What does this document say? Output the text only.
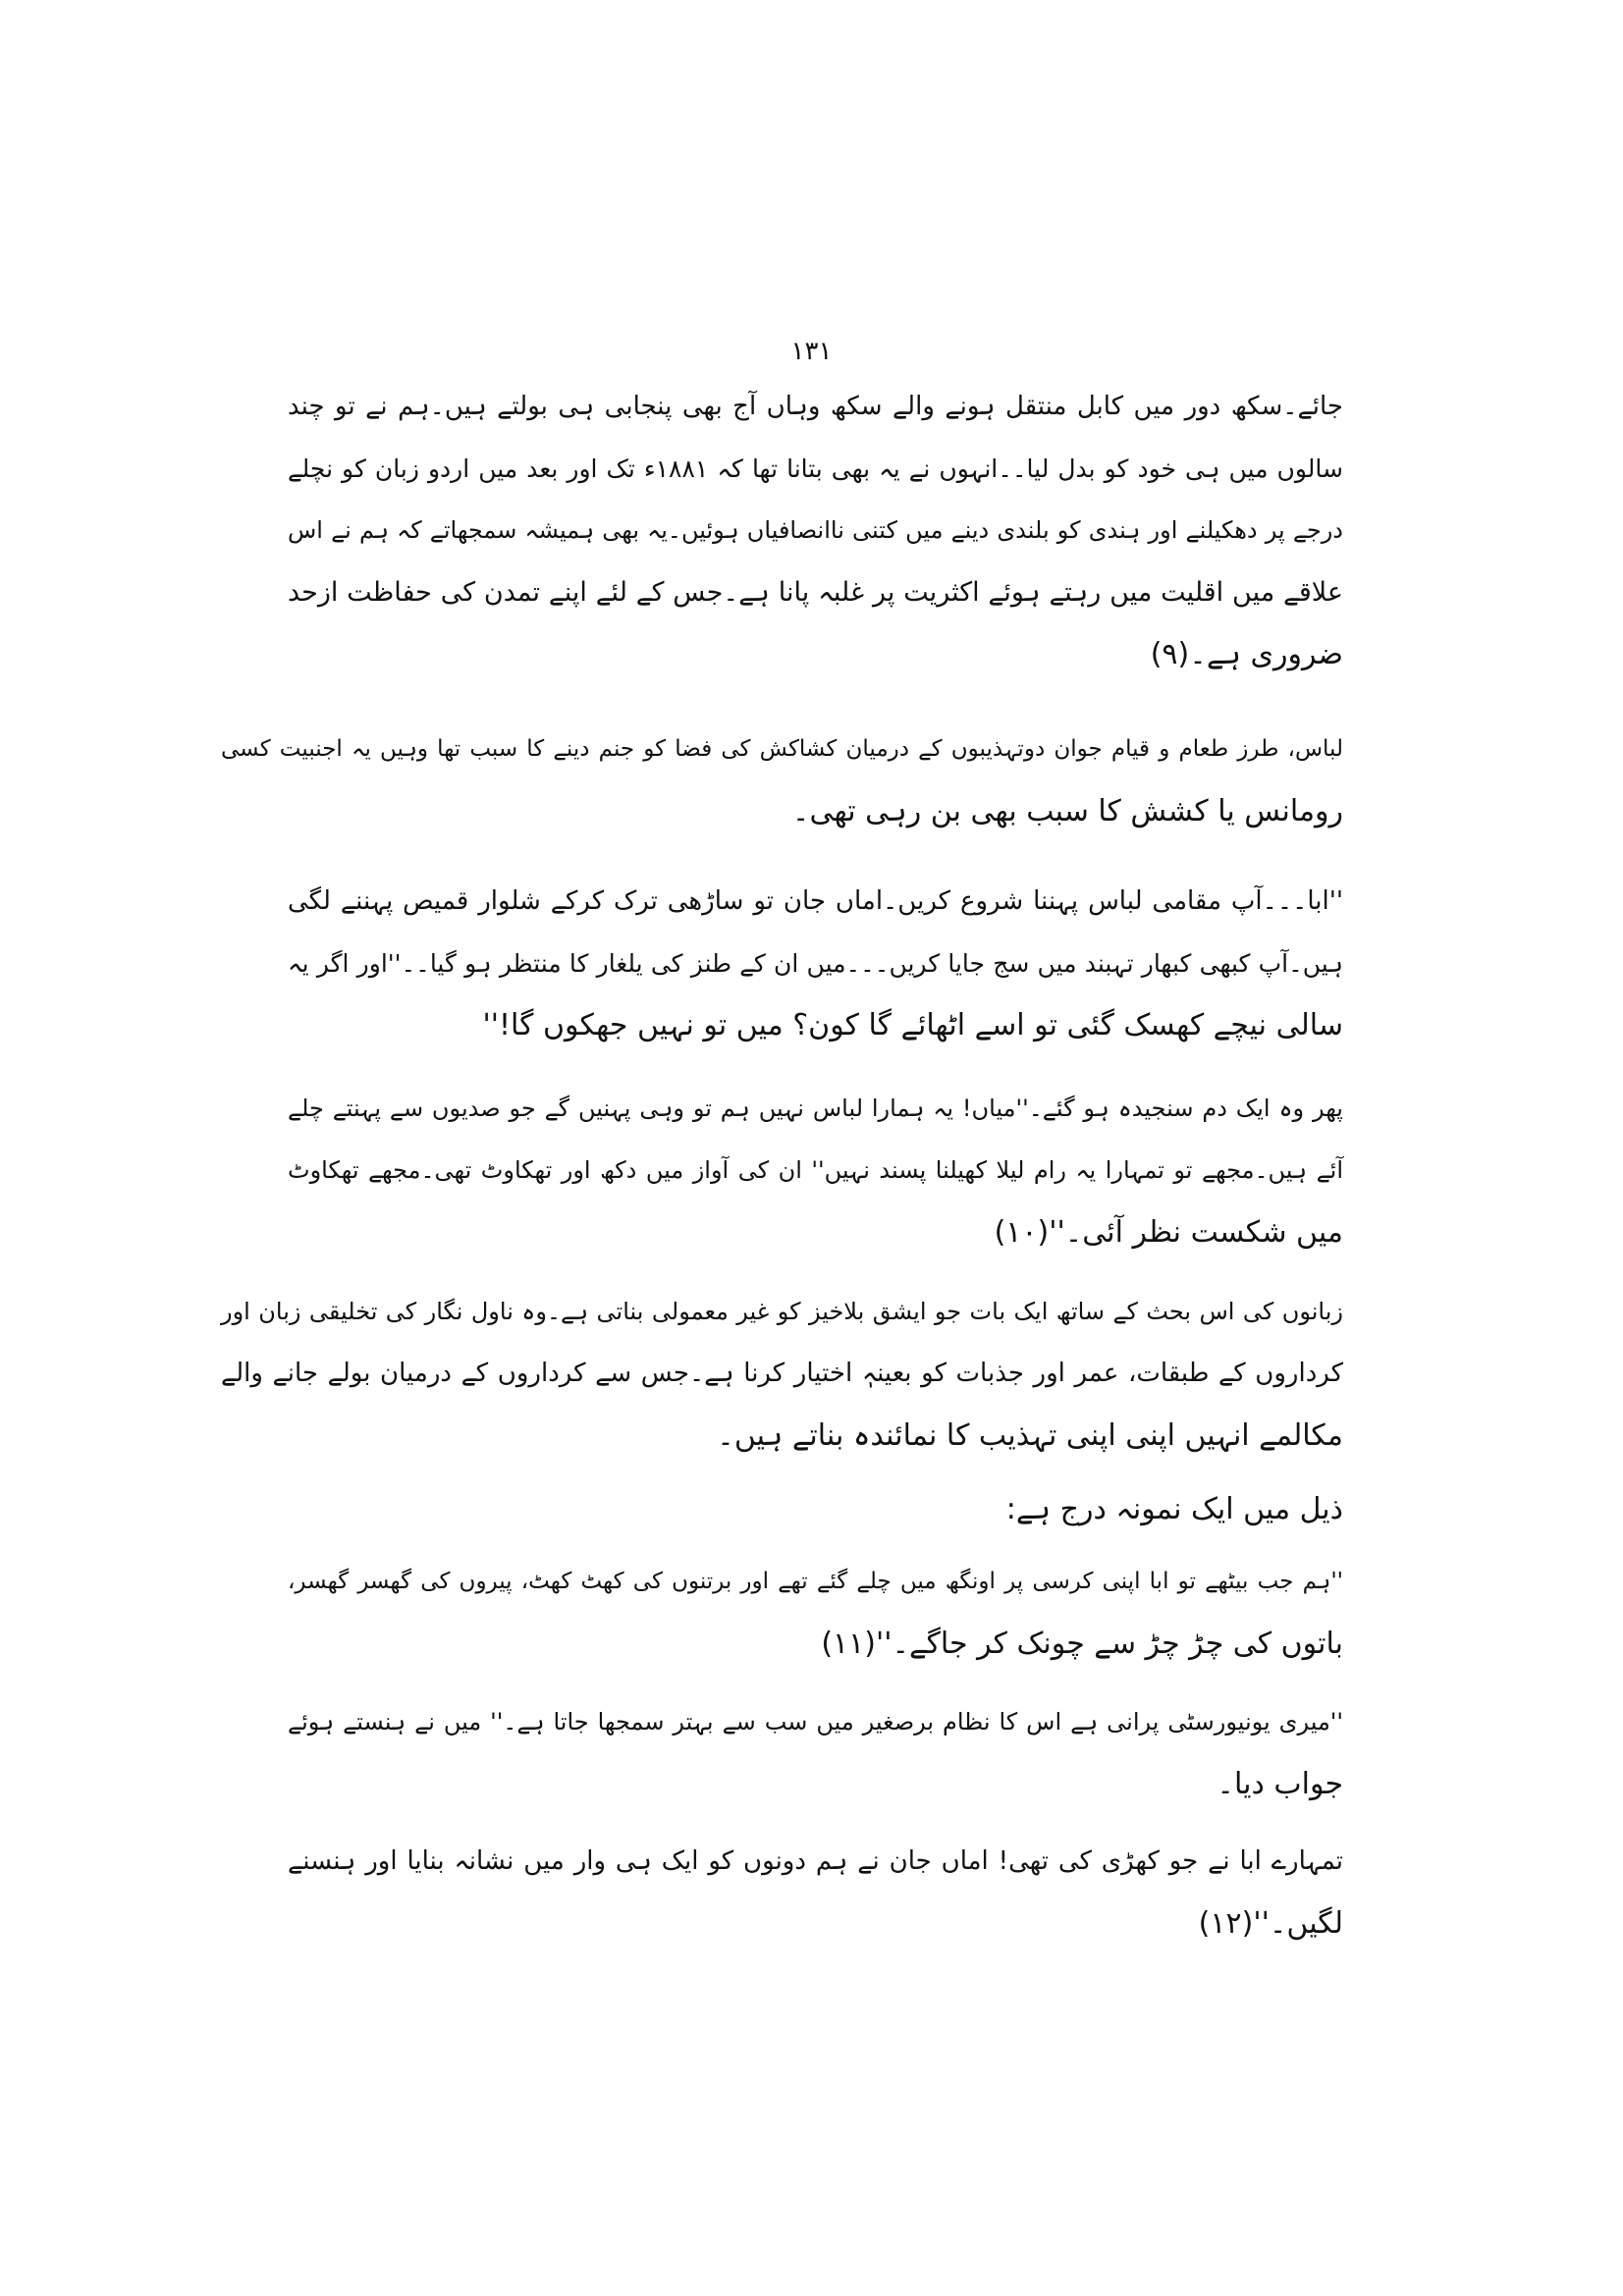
۱۳۱
جائے۔سکھ دور میں کابل منتقل ہونے والے سکھ وہاں آج بھی پنجابی ہی بولتے ہیں۔ہم نے تو چند
سالوں میں ہی خود کو بدل لیا۔۔انہوں نے یہ بھی بتانا تھا کہ ۱۸۸۱ء تک اور بعد میں اردو زبان کو نچلے
درجے پر دھکیلنے اور ہندی کو بلندی دینے میں کتنی ناانصافیاں ہوئیں۔یہ بھی ہمیشہ سمجھاتے کہ ہم نے اس
علاقے میں اقلیت میں رہتے ہوئے اکثریت پر غلبہ پانا ہے۔جس کے لئے اپنے تمدن کی حفاظت ازحد
ضروری ہے۔(۹)
لباس، طرز طعام و قیام جوان دوتہذیبوں کے درمیان کشاکش کی فضا کو جنم دینے کا سبب تھا وہیں یہ اجنبیت کسی
رومانس یا کشش کا سبب بھی بن رہی تھی۔
''ابا۔۔۔آپ مقامی لباس پہننا شروع کریں۔اماں جان تو ساڑھی ترک کرکے شلوار قمیص پہننے لگی
ہیں۔آپ کبھی کبھار تہبند میں سج جایا کریں۔۔۔میں ان کے طنز کی یلغار کا منتظر ہو گیا۔۔''اور اگر یہ
سالی نیچے کھسک گئی تو اسے اٹھائے گا کون؟ میں تو نہیں جھکوں گا!''
پھر وہ ایک دم سنجیدہ ہو گئے۔''میاں! یہ ہمارا لباس نہیں ہم تو وہی پہنیں گے جو صدیوں سے پہنتے چلے
آئے ہیں۔مجھے تو تمہارا یہ رام لیلا کھیلنا پسند نہیں'' ان کی آواز میں دکھ اور تھکاوٹ تھی۔مجھے تھکاوٹ
میں شکست نظر آئی۔''(۱۰)
زبانوں کی اس بحث کے ساتھ ایک بات جو ایشق بلاخیز کو غیر معمولی بناتی ہے۔وہ ناول نگار کی تخلیقی زبان اور
کرداروں کے طبقات، عمر اور جذبات کو بعینہٖ اختیار کرنا ہے۔جس سے کرداروں کے درمیان بولے جانے والے
مکالمے انہیں اپنی اپنی تہذیب کا نمائندہ بناتے ہیں۔
ذیل میں ایک نمونہ درج ہے:
''ہم جب بیٹھے تو ابا اپنی کرسی پر اونگھ میں چلے گئے تھے اور برتنوں کی کھٹ کھٹ، پیروں کی گھسر گھسر،
باتوں کی چڑ چڑ سے چونک کر جاگے۔''(۱۱)
''میری یونیورسٹی پرانی ہے اس کا نظام برصغیر میں سب سے بہتر سمجھا جاتا ہے۔'' میں نے ہنستے ہوئے
جواب دیا۔
تمہارے ابا نے جو کھڑی کی تھی! اماں جان نے ہم دونوں کو ایک ہی وار میں نشانہ بنایا اور ہنسنے
لگیں۔''(۱۲)
